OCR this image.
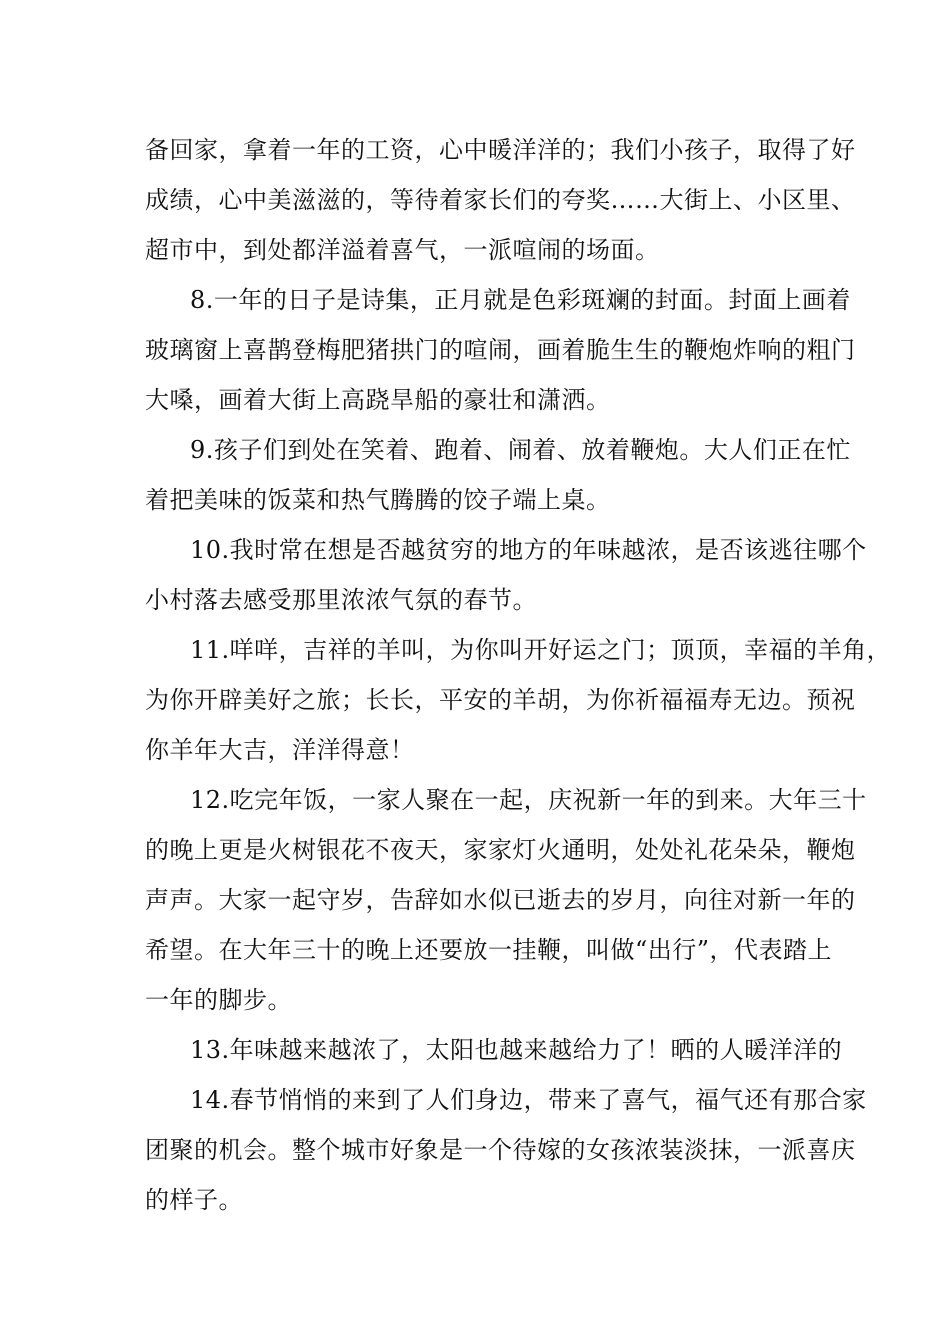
备回家，拿着一年的工资，心中暖洋洋的；我们小孩子，取得了好
成绩，心中美滋滋的，等待着家长们的夸奖……大街上、小区里、
超市中，到处都洋溢着喜气，一派喧闹的场面。
8.一年的日子是诗集，正月就是色彩斑斓的封面。封面上画着
玻璃窗上喜鹊登梅肥猪拱门的喧闹，画着脆生生的鞭炮炸响的粗门
大嗓，画着大街上高跷旱船的豪壮和潇洒。
9.孩子们到处在笑着、跑着、闹着、放着鞭炮。大人们正在忙
着把美味的饭菜和热气腾腾的饺子端上桌。
10.我时常在想是否越贫穷的地方的年味越浓，是否该逃往哪个
小村落去感受那里浓浓气氛的春节。
11.咩咩，吉祥的羊叫，为你叫开好运之门；顶顶，幸福的羊角，
为你开辟美好之旅；长长，平安的羊胡，为你祈福福寿无边。预祝
你羊年大吉，洋洋得意！
12.吃完年饭，一家人聚在一起，庆祝新一年的到来。大年三十
的晚上更是火树银花不夜天，家家灯火通明，处处礼花朵朵，鞭炮
声声。大家一起守岁，告辞如水似已逝去的岁月，向往对新一年的
希望。在大年三十的晚上还要放一挂鞭，叫做“出行”，代表踏上
一年的脚步。
13.年味越来越浓了，太阳也越来越给力了！晒的人暖洋洋的
14.春节悄悄的来到了人们身边，带来了喜气，福气还有那合家
团聚的机会。整个城市好象是一个待嫁的女孩浓装淡抹，一派喜庆
的样子。
